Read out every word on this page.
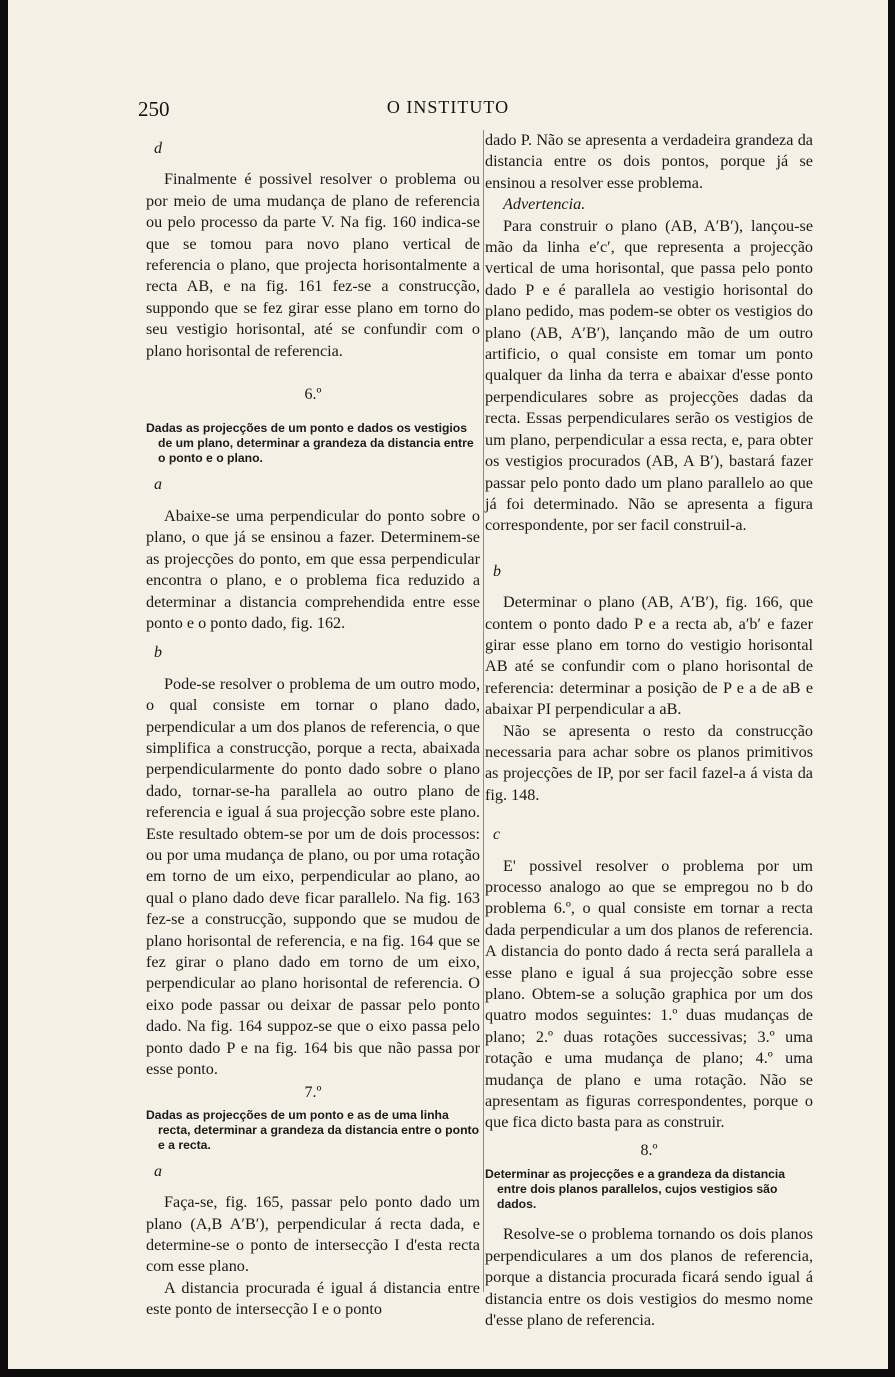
250	O INSTITUTO
d

Finalmente é possivel resolver o problema ou por meio de uma mudança de plano de referencia ou pelo processo da parte V. Na fig. 160 indica-se que se tomou para novo plano vertical de referencia o plano, que projecta horisontalmente a recta AB, e na fig. 161 fez-se a construcção, suppondo que se fez girar esse plano em torno do seu vestigio horisontal, até se confundir com o plano horisontal de referencia.

6.º
Dadas as projecções de um ponto e dados os vestigios de um plano, determinar a grandeza da distancia entre o ponto e o plano.
a

Abaixe-se uma perpendicular do ponto sobre o plano, o que já se ensinou a fazer. Determinem-se as projecções do ponto, em que essa perpendicular encontra o plano, e o problema fica reduzido a determinar a distancia comprehendida entre esse ponto e o ponto dado, fig. 162.

b

Pode-se resolver o problema de um outro modo, o qual consiste em tornar o plano dado, perpendicular a um dos planos de referencia, o que simplifica a construcção, porque a recta, abaixada perpendicularmente do ponto dado sobre o plano dado, tornar-se-ha parallela ao outro plano de referencia e igual á sua projecção sobre este plano. Este resultado obtem-se por um de dois processos: ou por uma mudança de plano, ou por uma rotação em torno de um eixo, perpendicular ao plano, ao qual o plano dado deve ficar parallelo. Na fig. 163 fez-se a construcção, suppondo que se mudou de plano horisontal de referencia, e na fig. 164 que se fez girar o plano dado em torno de um eixo, perpendicular ao plano horisontal de referencia. O eixo pode passar ou deixar de passar pelo ponto dado. Na fig. 164 suppoz-se que o eixo passa pelo ponto dado P e na fig. 164 bis que não passa por esse ponto.

7.º
Dadas as projecções de um ponto e as de uma linha recta, determinar a grandeza da distancia entre o ponto e a recta.
a

Faça-se, fig. 165, passar pelo ponto dado um plano (A,B A′B′), perpendicular á recta dada, e determine-se o ponto de intersecção I d'esta recta com esse plano.

A distancia procurada é igual á distancia entre este ponto de intersecção I e o ponto

dado P. Não se apresenta a verdadeira grandeza da distancia entre os dois pontos, porque já se ensinou a resolver esse problema.

Advertencia.

Para construir o plano (AB, A′B′), lançou-se mão da linha e′c′, que representa a projecção vertical de uma horisontal, que passa pelo ponto dado P e é parallela ao vestigio horisontal do plano pedido, mas podem-se obter os vestigios do plano (AB, A′B′), lançando mão de um outro artificio, o qual consiste em tomar um ponto qualquer da linha da terra e abaixar d'esse ponto perpendiculares sobre as projecções dadas da recta. Essas perpendiculares serão os vestigios de um plano, perpendicular a essa recta, e, para obter os vestigios procurados (AB, A B′), bastará fazer passar pelo ponto dado um plano parallelo ao que já foi determinado. Não se apresenta a figura correspondente, por ser facil construil-a.

b

Determinar o plano (AB, A′B′), fig. 166, que contem o ponto dado P e a recta ab, a′b′ e fazer girar esse plano em torno do vestigio horisontal AB até se confundir com o plano horisontal de referencia: determinar a posição de P e a de aB e abaixar PI perpendicular a aB.

Não se apresenta o resto da construcção necessaria para achar sobre os planos primitivos as projecções de IP, por ser facil fazel-a á vista da fig. 148.

c

E' possivel resolver o problema por um processo analogo ao que se empregou no b do problema 6.º, o qual consiste em tornar a recta dada perpendicular a um dos planos de referencia. A distancia do ponto dado á recta será parallela a esse plano e igual á sua projecção sobre esse plano. Obtem-se a solução graphica por um dos quatro modos seguintes: 1.º duas mudanças de plano; 2.º duas rotações successivas; 3.º uma rotação e uma mudança de plano; 4.º uma mudança de plano e uma rotação. Não se apresentam as figuras correspondentes, porque o que fica dicto basta para as construir.

8.º
Determinar as projecções e a grandeza da distancia entre dois planos parallelos, cujos vestigios são dados.

Resolve-se o problema tornando os dois planos perpendiculares a um dos planos de referencia, porque a distancia procurada ficará sendo igual á distancia entre os dois vestigios do mesmo nome d'esse plano de referencia.
